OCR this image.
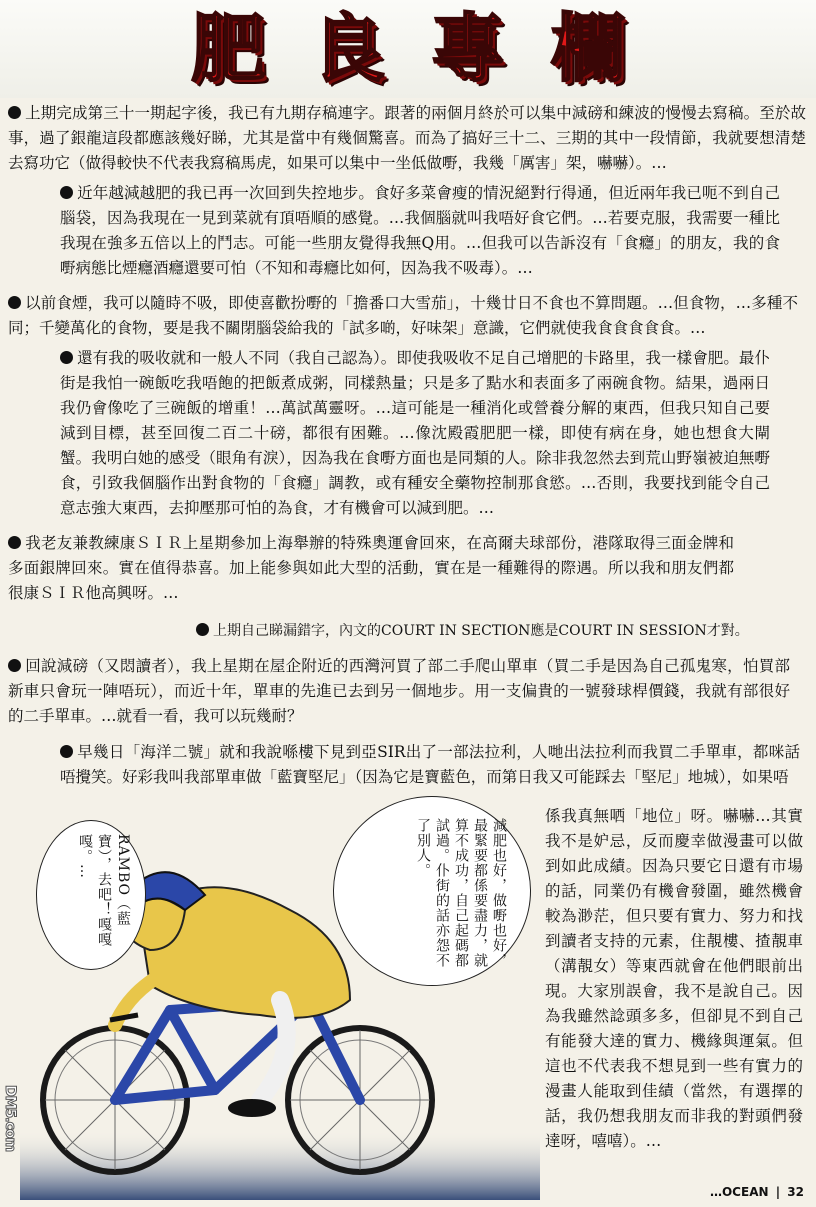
肥良專欄

上期完成第三十一期起字後，我已有九期存稿連字。跟著的兩個月終於可以集中減磅和練波的慢慢去寫稿。至於故事，過了銀龍這段都應該幾好睇，尤其是當中有幾個驚喜。而為了搞好三十二、三期的其中一段情節，我就要想清楚去寫功它（做得較快不代表我寫稿馬虎，如果可以集中一坐低做嘢，我幾「厲害」架，嚇嚇）。…

近年越減越肥的我已再一次回到失控地步。食好多菜會瘦的情況絕對行得通，但近兩年我已呃不到自己腦袋，因為我現在一見到菜就有頂唔順的感覺。…我個腦就叫我唔好食它們。…若要克服，我需要一種比我現在強多五倍以上的鬥志。可能一些朋友覺得我無Q用。…但我可以告訴沒有「食癮」的朋友，我的食嘢病態比煙癮酒癮還要可怕（不知和毒癮比如何，因為我不吸毒）。…

以前食煙，我可以隨時不吸，即使喜歡扮嘢的「擔番口大雪茄」，十幾廿日不食也不算問題。…但食物，…多種不同；千變萬化的食物，要是我不關閉腦袋給我的「試多啲，好味架」意識，它們就使我食食食食食。…

還有我的吸收就和一般人不同（我自己認為）。即使我吸收不足自己增肥的卡路里，我一樣會肥。最仆街是我怕一碗飯吃我唔飽的把飯煮成粥，同樣熱量；只是多了點水和表面多了兩碗食物。結果，過兩日我仍會像吃了三碗飯的增重！…萬試萬靈呀。…這可能是一種消化或營養分解的東西，但我只知自己要減到目標，甚至回復二百二十磅，都很有困難。…像沈殿霞肥肥一樣，即使有病在身，她也想食大閘蟹。我明白她的感受（眼角有淚），因為我在食嘢方面也是同類的人。除非我忽然去到荒山野嶺被迫無嘢食，引致我個腦作出對食物的「食癮」調教，或有種安全藥物控制那食慾。…否則，我要找到能令自己意志強大東西，去抑壓那可怕的為食，才有機會可以減到肥。…

我老友兼教練康ＳＩＲ上星期參加上海舉辦的特殊奧運會回來，在高爾夫球部份，港隊取得三面金牌和多面銀牌回來。實在值得恭喜。加上能參與如此大型的活動，實在是一種難得的際遇。所以我和朋友們都很康ＳＩＲ他高興呀。…

上期自己睇漏錯字，內文的COURT IN SECTION應是COURT IN SESSION才對。

回說減磅（又悶讀者），我上星期在屋企附近的西灣河買了部二手爬山單車（買二手是因為自己孤鬼寒，怕買部新車只會玩一陣唔玩），而近十年，單車的先進已去到另一個地步。用一支偏貴的一號發球桿價錢，我就有部很好的二手單車。…就看一看，我可以玩幾耐？

早幾日「海洋二號」就和我說喺樓下見到亞SIR出了一部法拉利，人哋出法拉利而我買二手單車，都咪話唔攪笑。好彩我叫我部單車做「藍寶堅尼」（因為它是寶藍色，而第日我又可能踩去「堅尼」地城），如果唔

係我真無哂「地位」呀。嚇嚇…其實我不是妒忌，反而慶幸做漫畫可以做到如此成績。因為只要它日還有市場的話，同業仍有機會發圍，雖然機會較為渺茫，但只要有實力、努力和找到讀者支持的元素，住靚樓、揸靚車（溝靚女）等東西就會在他們眼前出現。大家別誤會，我不是說自己。因為我雖然諗頭多多，但卻見不到自己有能發大達的實力、機緣與運氣。但這也不代表我不想見到一些有實力的漫畫人能取到佳績（當然，有選擇的話，我仍想我朋友而非我的對頭們發達呀，嘻嘻）。…

減肥也好，做嘢也好，最緊要都係要盡力，就算不成功，自己起碼都試過。仆街的話亦怨不了別人。
RAMBO（藍寶），去吧！嘎嘎嘎。…
DM5.com
…OCEAN | 32
